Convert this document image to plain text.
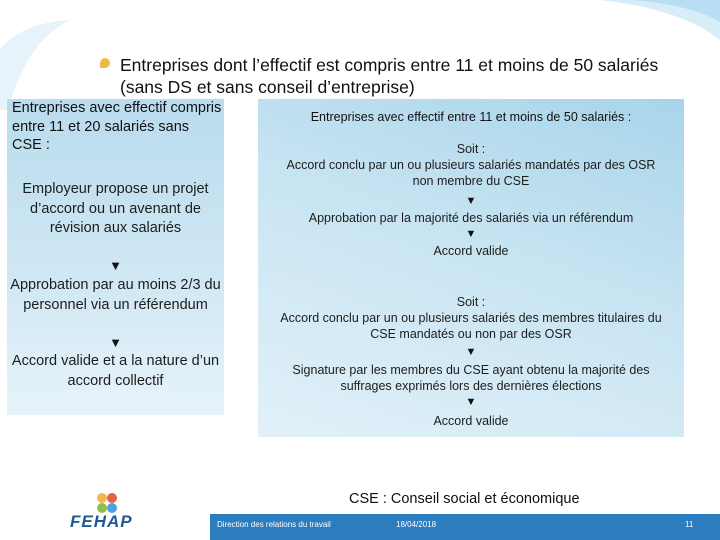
Entreprises dont l’effectif est compris entre 11 et moins de 50 salariés (sans DS et sans conseil d’entreprise)
Entreprises avec effectif compris entre 11 et 20 salariés sans CSE :
Employeur propose un projet d’accord ou un avenant de révision aux salariés
▼
Approbation par au moins 2/3 du personnel via un référendum
▼
Accord valide et a la nature d’un accord collectif
Entreprises avec effectif entre 11 et moins de 50 salariés :
Soit :
Accord conclu par un ou plusieurs salariés mandatés par des OSR non membre du CSE
▼
Approbation par la majorité des salariés via un référendum
▼
Accord valide
Soit :
Accord conclu par un ou plusieurs salariés des membres titulaires du CSE mandatés ou non par des OSR
▼
Signature par les membres du CSE ayant obtenu la majorité des suffrages exprimés lors des dernières élections
▼
Accord valide
CSE : Conseil social et économique
FEHAP	Direction des relations du travail	18/04/2018	11
